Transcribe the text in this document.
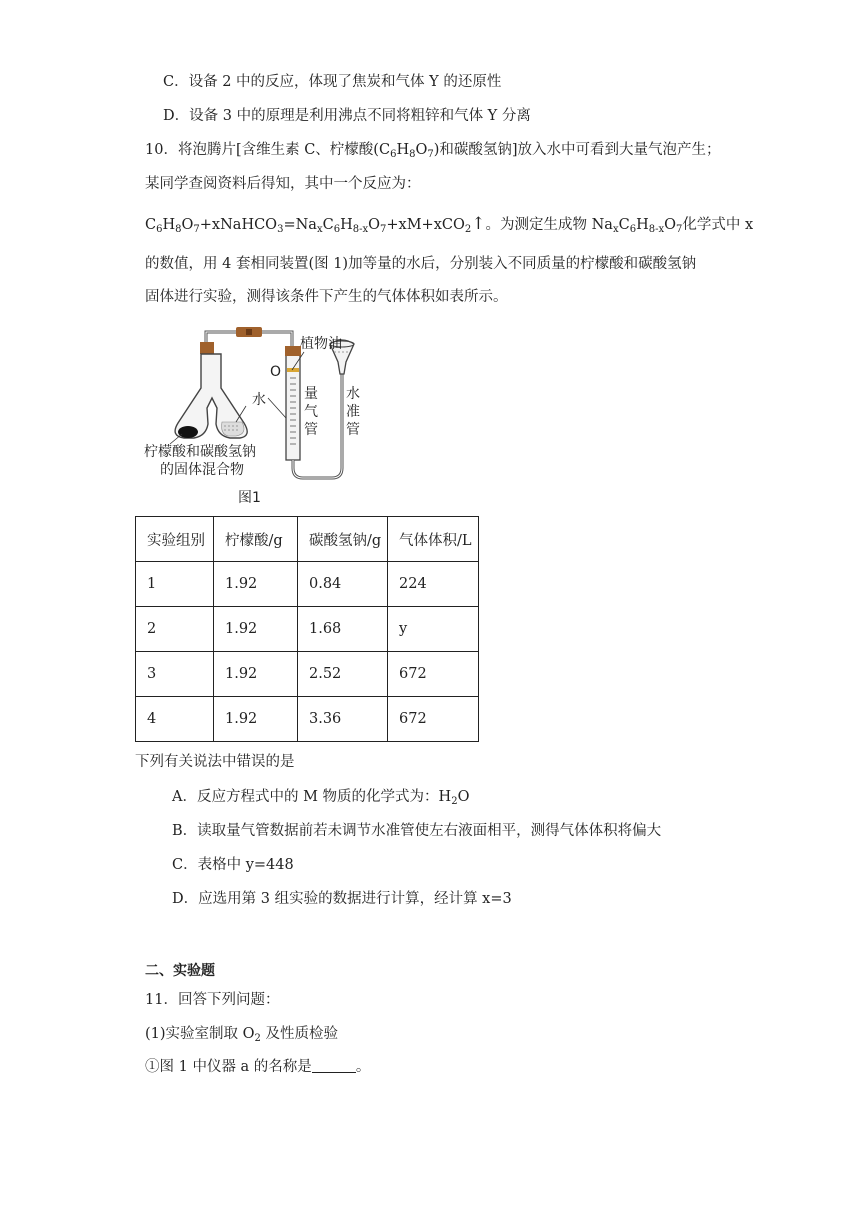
C．设备 2 中的反应，体现了焦炭和气体 Y 的还原性
D．设备 3 中的原理是利用沸点不同将粗锌和气体 Y 分离
10．将泡腾片[含维生素 C、柠檬酸$(C_6H_8O_7)$和碳酸氢钠]放入水中可看到大量气泡产生；
某同学查阅资料后得知，其中一个反应为：
$C_6H_8O_7+xNaHCO_3=Na_xC_6H_{8-x}O_7+xM+xCO_2↑$。为测定生成物 $Na_xC_6H_{8-x}O_7$化学式中 x
的数值，用 4 套相同装置(图 1)加等量的水后，分别装入不同质量的柠檬酸和碳酸氢钠
固体进行实验，测得该条件下产生的气体体积如表所示。
植物油
O
水	量
气
管
水
准
管
柠檬酸和碳酸氢钠
的固体混合物
图1
实验组别	柠檬酸/g	碳酸氢钠/g	气体体积/L
1	1.92	0.84	224
2	1.92	1.68	y
3	1.92	2.52	672
4	1.92	3.36	672
下列有关说法中错误的是
A．反应方程式中的 M 物质的化学式为：$H_2O$
B．读取量气管数据前若未调节水准管使左右液面相平，测得气体体积将偏大
C．表格中 y=448
D．应选用第 3 组实验的数据进行计算，经计算 x=3
二、实验题
11．回答下列问题：
(1)实验室制取 $O_2$ 及性质检验
①图 1 中仪器 a 的名称是	。
